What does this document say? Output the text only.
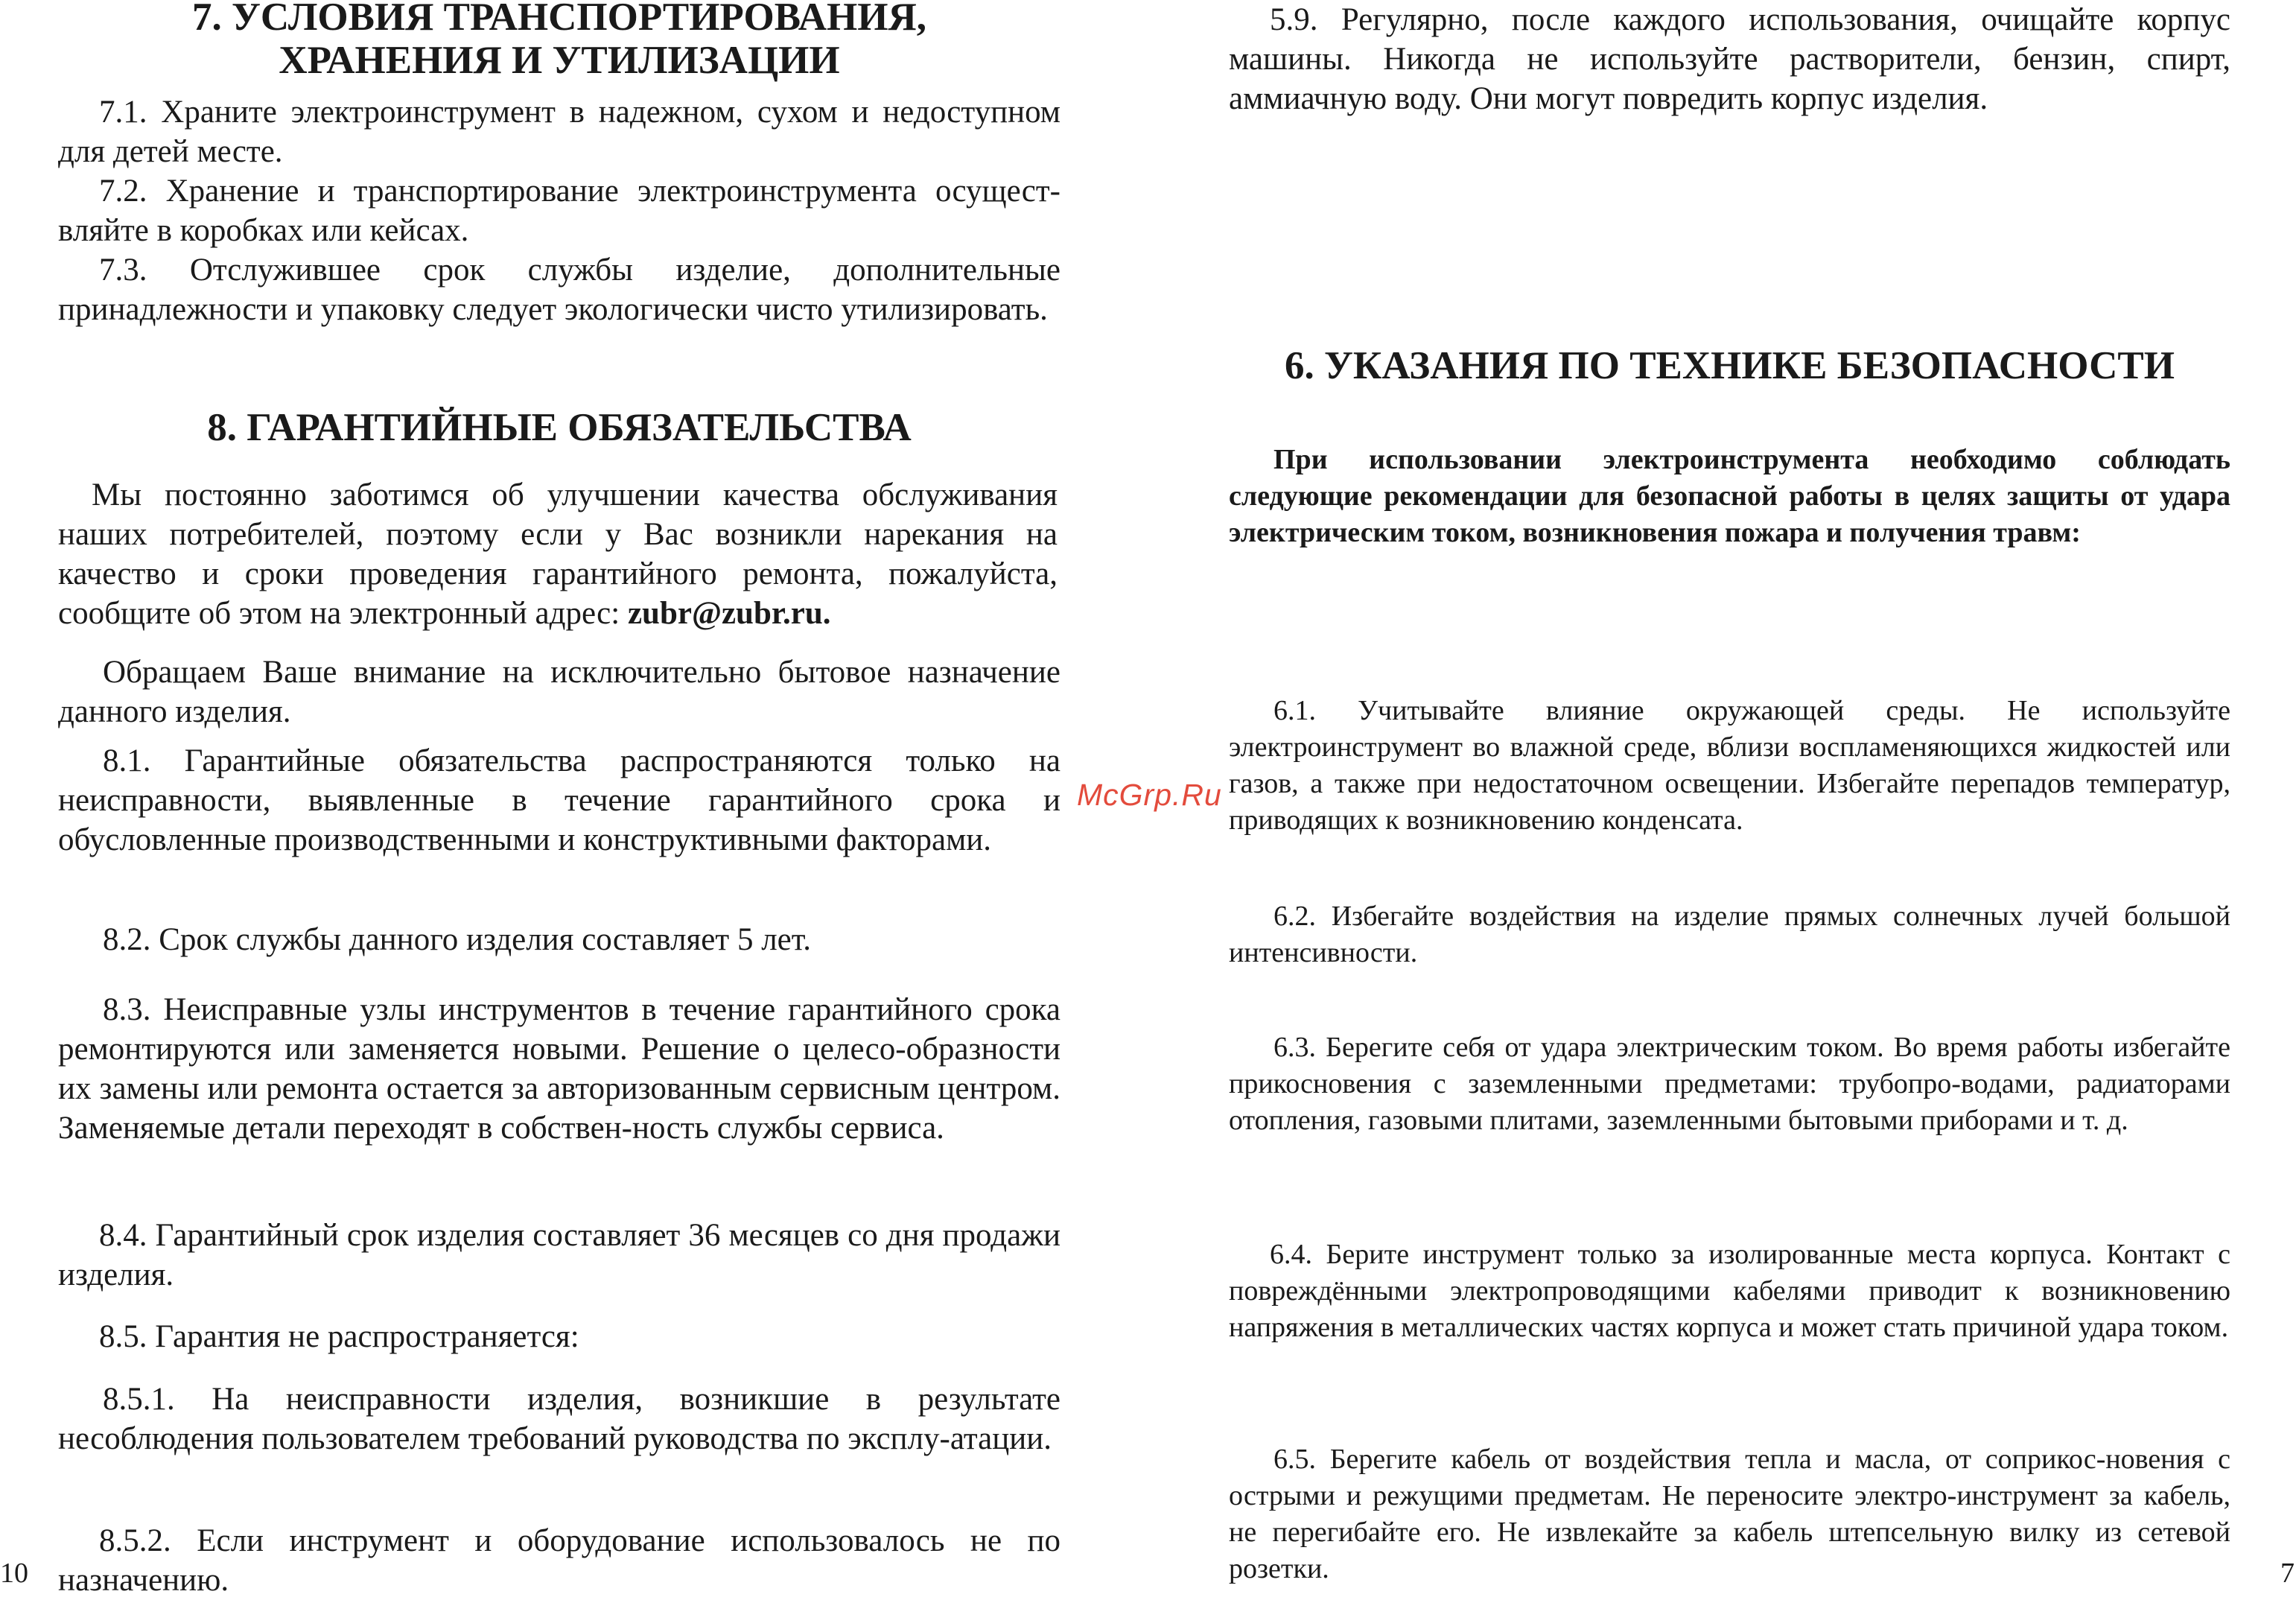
7. УСЛОВИЯ ТРАНСПОРТИРОВАНИЯ,
ХРАНЕНИЯ И УТИЛИЗАЦИИ

7.1. Храните электроинструмент в надежном, сухом и недоступном для детей месте.

7.2. Хранение и транспортирование электроинструмента осущест-вляйте в коробках или кейсах.

7.3. Отслужившее срок службы изделие, дополнительные принадлежности и упаковку следует экологически чисто утилизировать.

8. ГАРАНТИЙНЫЕ ОБЯЗАТЕЛЬСТВА

Мы постоянно заботимся об улучшении качества обслуживания наших потребителей, поэтому если у Вас возникли нарекания на качество и сроки проведения гарантийного ремонта, пожалуйста, сообщите об этом на электронный адрес: zubr@zubr.ru.

Обращаем Ваше внимание на исключительно бытовое назначение данного изделия.

8.1. Гарантийные обязательства распространяются только на неисправности, выявленные в течение гарантийного срока и обусловленные производственными и конструктивными факторами.

8.2. Срок службы данного изделия составляет 5 лет.

8.3. Неисправные узлы инструментов в течение гарантийного срока ремонтируются или заменяется новыми. Решение о целесо-образности их замены или ремонта остается за авторизованным сервисным центром. Заменяемые детали переходят в собствен-ность службы сервиса.

8.4. Гарантийный срок изделия составляет 36 месяцев со дня продажи изделия.

8.5. Гарантия не распространяется:

8.5.1. На неисправности изделия, возникшие в результате несоблюдения пользователем требований руководства по эксплу-атации.

8.5.2. Если инструмент и оборудование использовалось не по назначению.

5.9. Регулярно, после каждого использования, очищайте корпус машины. Никогда не используйте растворители, бензин, спирт, аммиачную воду. Они могут повредить корпус изделия.

6. УКАЗАНИЯ ПО ТЕХНИКЕ БЕЗОПАСНОСТИ

При использовании электроинструмента необходимо соблюдать следующие рекомендации для безопасной работы в целях защиты от удара электрическим током, возникновения пожара и получения травм:

6.1. Учитывайте влияние окружающей среды. Не используйте электроинструмент во влажной среде, вблизи воспламеняющихся жидкостей или газов, а также при недостаточном освещении. Избегайте перепадов температур, приводящих к возникновению конденсата.

6.2. Избегайте воздействия на изделие прямых солнечных лучей большой интенсивности.

6.3. Берегите себя от удара электрическим током. Во время работы избегайте прикосновения с заземленными предметами: трубопро-водами, радиаторами отопления, газовыми плитами, заземленными бытовыми приборами и т. д.

6.4. Берите инструмент только за изолированные места корпуса. Контакт с повреждёнными электропроводящими кабелями приводит к возникновению напряжения в металлических частях корпуса и может стать причиной удара током.

6.5. Берегите кабель от воздействия тепла и масла, от соприкос-новения с острыми и режущими предметам. Не переносите электро-инструмент за кабель, не перегибайте его. Не извлекайте за кабель штепсельную вилку из сетевой розетки.

McGrp.Ru
10	7
